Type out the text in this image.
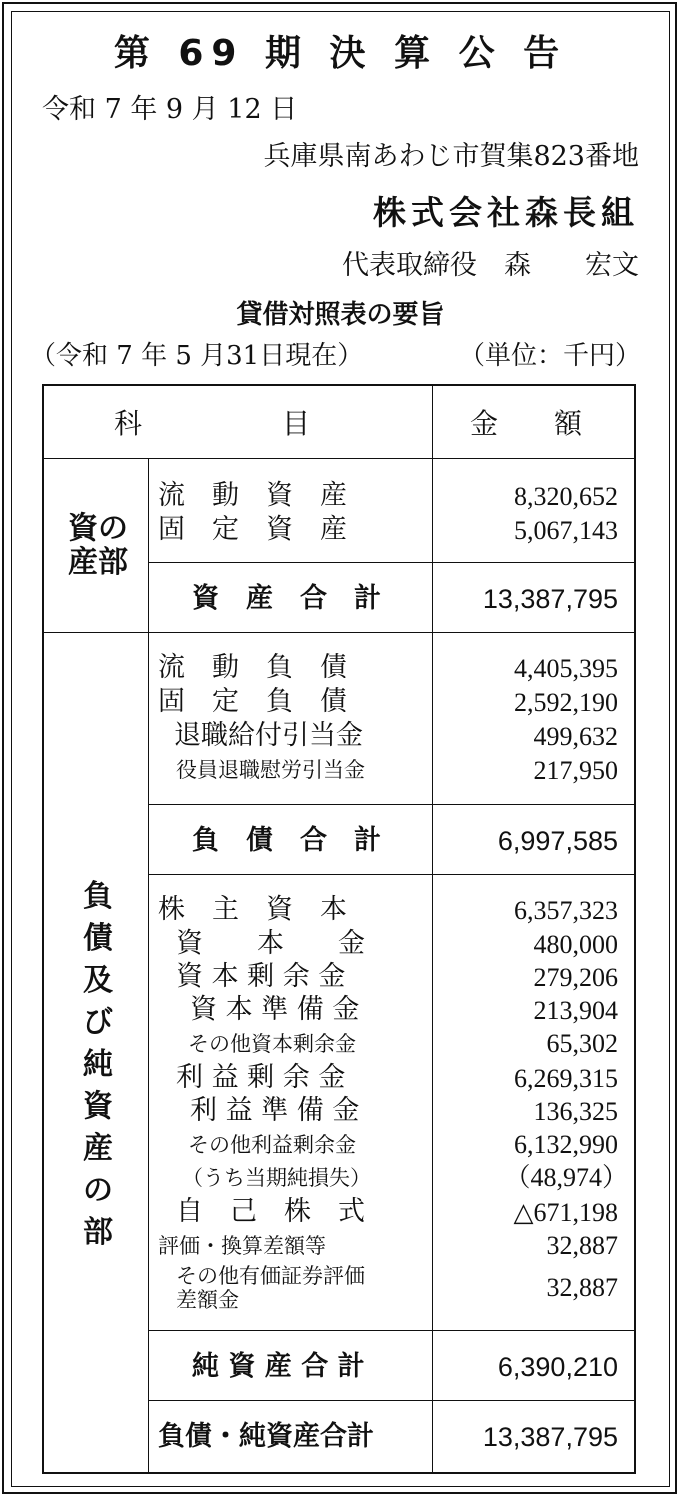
第 69 期 決 算 公 告
令和 7 年 9 月 12 日
兵庫県南あわじ市賀集823番地
株式会社森長組
代表取締役　森　　宏文
貸借対照表の要旨
（令和 7 年 5 月31日現在）	（単位：千円）
科　　　　　目	金　　額
資の
産部
流　動　資　産	8,320,652
固　定　資　産	5,067,143
資　産　合　計	13,387,795
負
債
及
び
純
資
産
の
部
流　動　負　債	4,405,395
固　定　負　債	2,592,190
退職給付引当金	499,632
役員退職慰労引当金	217,950
負　債　合　計	6,997,585
株　主　資　本	6,357,323
資　　本　　金	480,000
資 本 剰 余 金	279,206
資 本 準 備 金	213,904
その他資本剰余金	65,302
利 益 剰 余 金	6,269,315
利 益 準 備 金	136,325
その他利益剰余金	6,132,990
（うち当期純損失）	（48,974）
自　己　株　式	△671,198
評価・換算差額等	32,887
その他有価証券評価
差額金	32,887
純 資 産 合 計	6,390,210
負債・純資産合計	13,387,795
